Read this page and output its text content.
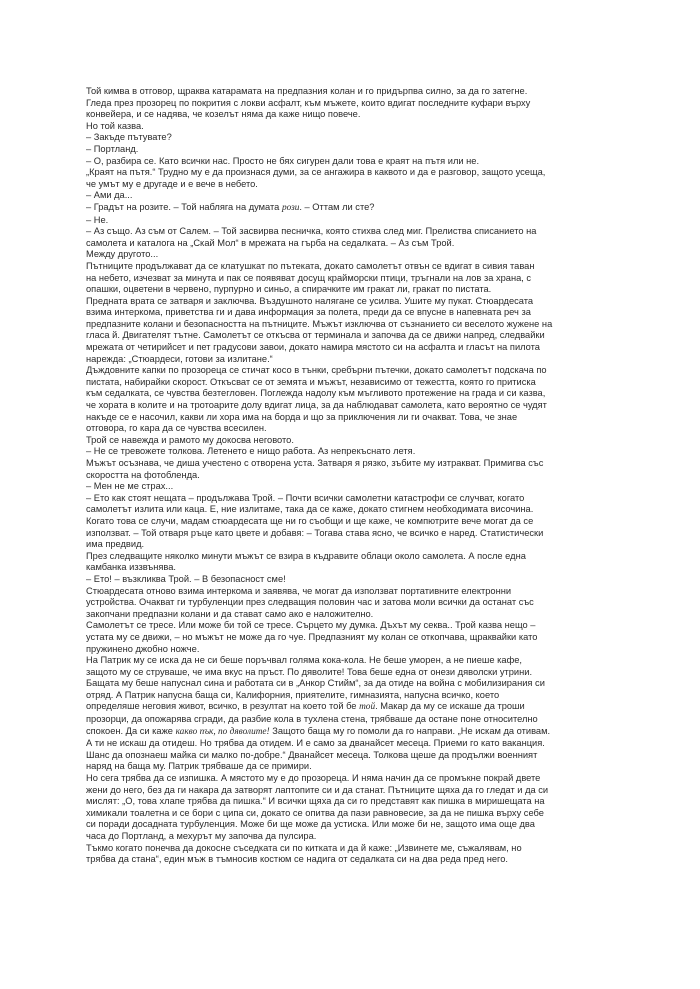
Той кимва в отговор, щраква катарамата на предпазния колан и го придърпва силно, за да го затегне.
Гледа през прозорец по покрития с локви асфалт, към мъжете, които вдигат последните куфари върху
конвейера, и се надява, че козелът няма да каже нищо повече.
Но той казва.
– Закъде пътувате?
– Портланд.
– О, разбира се. Като всички нас. Просто не бях сигурен дали това е краят на пътя или не.
„Краят на пътя.“ Трудно му е да произнася думи, за се ангажира в каквото и да е разговор, защото усеща,
че умът му е другаде и е вече в небето.
– Ами да...
– Градът на розите. – Той набляга на думата рози. – Оттам ли сте?
– Не.
– Аз също. Аз съм от Салем. – Той засвирва песничка, която стихва след миг. Прелиства списанието на
самолета и каталога на „Скай Мол“ в мрежата на гърба на седалката. – Аз съм Трой.
Между другото...
Пътниците продължават да се клатушкат по пътеката, докато самолетът отвън се вдигат в сивия таван
на небето, изчезват за минута и пак се появяват досущ крайморски птици, тръгнали на лов за храна, с
опашки, оцветени в червено, пурпурно и синьо, а спирачките им гракат ли, гракат по пистата.
Предната врата се затваря и заключва. Въздушното налягане се усилва. Ушите му пукат. Стюардесата
взима интеркома, приветства ги и дава информация за полета, преди да се впусне в напевната реч за
предпазните колани и безопасността на пътниците. Мъжът изключва от съзнанието си веселото жужене на
гласа й. Двигателят тътне. Самолетът се откъсва от терминала и започва да се движи напред, следвайки
мрежата от четирийсет и пет градусови завои, докато намира мястото си на асфалта и гласът на пилота
нарежда: „Стюардеси, готови за излитане.“
Дъждовните капки по прозореца се стичат косо в тънки, сребърни пътечки, докато самолетът подскача по
пистата, набирайки скорост. Откъсват се от земята и мъжът, независимо от тежестта, която го притиска
към седалката, се чувства безтегловен. Поглежда надолу към мъгливото протежение на града и си казва,
че хората в колите и на тротоарите долу вдигат лица, за да наблюдават самолета, като вероятно се чудят
накъде се е насочил, какви ли хора има на борда и що за приключения ли ги очакват. Това, че знае
отговора, го кара да се чувства всесилен.
Трой се навежда и рамото му докосва неговото.
– Не се тревожете толкова. Летенето е нищо работа. Аз непрекъснато летя.
Мъжът осъзнава, че диша учестено с отворена уста. Затваря я рязко, зъбите му изтракват. Примигва със
скоростта на фотобленда.
– Мен не ме страх...
– Ето как стоят нещата – продължава Трой. – Почти всички самолетни катастрофи се случват, когато
самолетът излита или каца. Е, ние излитаме, така да се каже, докато стигнем необходимата височина.
Когато това се случи, мадам стюардесата ще ни го съобщи и ще каже, че компютрите вече могат да се
използват. – Той отваря ръце като цвете и добавя: – Тогава става ясно, че всичко е наред. Статистически
има предвид.
През следващите няколко минути мъжът се взира в къдравите облаци около самолета. А после една
камбанка иззвънява.
– Ето! – възкликва Трой. – В безопасност сме!
Стюардесата отново взима интеркома и заявява, че могат да използват портативните електронни
устройства. Очакват ги турбуленции през следващия половин час и затова моли всички да останат със
закопчани предпазни колани и да стават само ако е наложително.
Самолетът се тресе. Или може би той се тресе. Сърцето му думка. Дъхът му секва.. Трой казва нещо –
устата му се движи, – но мъжът не може да го чуе. Предпазният му колан се откопчава, щраквайки като
пружинено джобно ножче.
На Патрик му се иска да не си беше поръчвал голяма кока-кола. Не беше уморен, а не пиеше кафе,
защото му се струваше, че има вкус на пръст. По дяволите! Това беше една от онези дяволски утрини.
Бащата му беше напуснал сина и работата си в „Анкор Стийм“, за да отиде на война с мобилизирания си
отряд. А Патрик напусна баща си, Калифорния, приятелите, гимназията, напусна всичко, което
определяше неговия живот, всичко, в резултат на което той бе той. Макар да му се искаше да троши
прозорци, да опожарява сгради, да разбие кола в тухлена стена, трябваше да остане поне относително
спокоен. Да си каже какво пък, по дяволите! Защото баща му го помоли да го направи. „Не искам да отивам.
А ти не искаш да отидеш. Но трябва да отидем. И е само за дванайсет месеца. Приеми го като ваканция.
Шанс да опознаеш майка си малко по-добре.“ Дванайсет месеца. Толкова щеше да продължи военният
наряд на баща му. Патрик трябваше да се примири.
Но сега трябва да се изпишка. А мястото му е до прозореца. И няма начин да се промъкне покрай двете
жени до него, без да ги накара да затворят лаптопите си и да станат. Пътниците щяха да го гледат и да си
мислят: „О, това хлапе трябва да пишка.“ И всички щяха да си го представят как пишка в миришещата на
химикали тоалетна и се бори с ципа си, докато се опитва да пази равновесие, за да не пишка върху себе
си поради досадната турбуленция. Може би ще може да устиска. Или може би не, защото има още два
часа до Портланд, а мехурът му започва да пулсира.
Тъкмо когато понечва да докосне съседката си по китката и да й каже: „Извинете ме, съжалявам, но
трябва да стана“, един мъж в тъмносив костюм се надига от седалката си на два реда пред него.
